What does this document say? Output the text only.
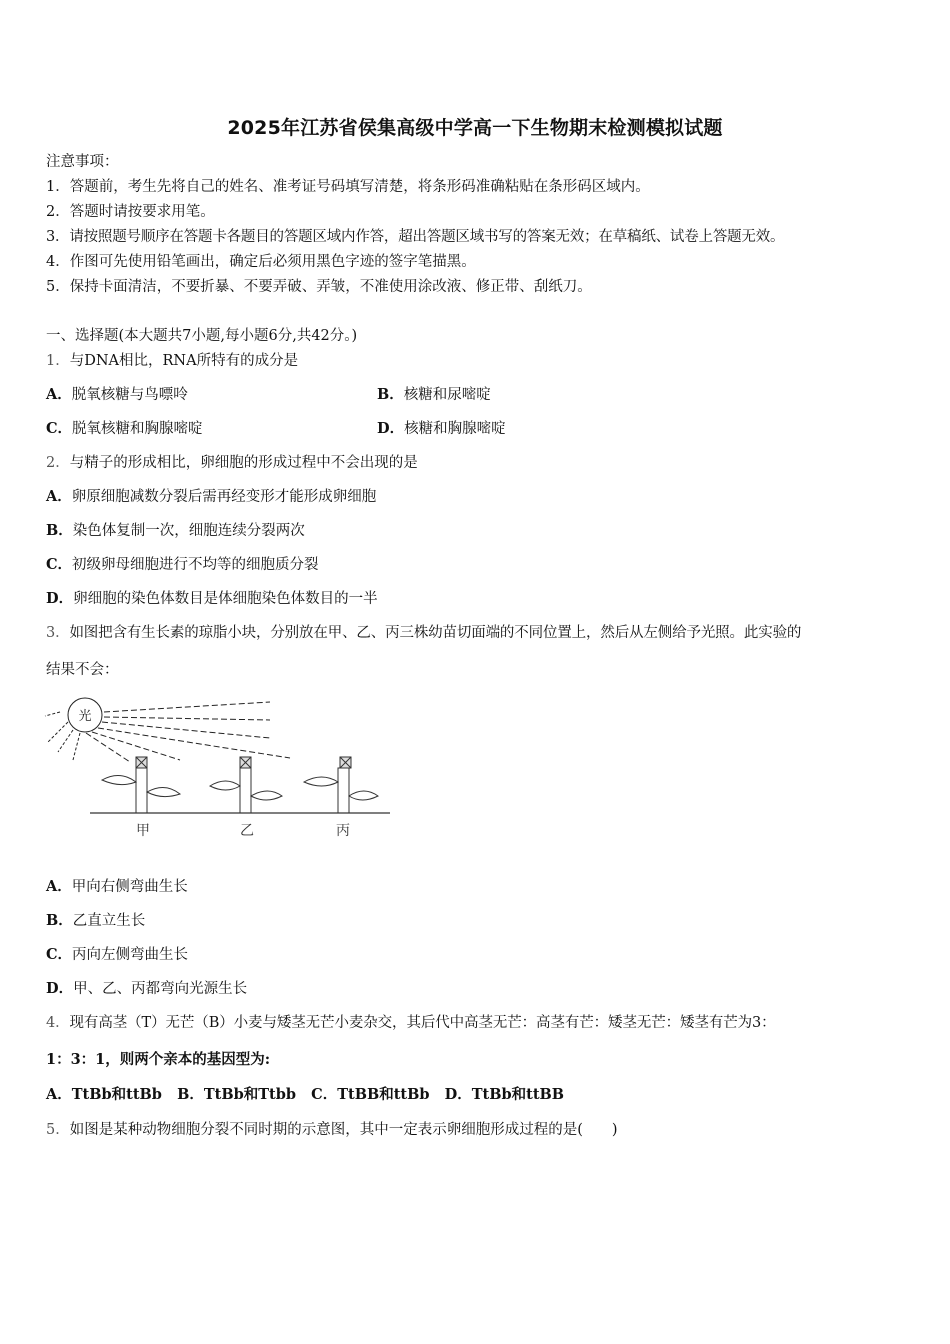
2025年江苏省侯集高级中学高一下生物期末检测模拟试题
注意事项：
1．答题前，考生先将自己的姓名、准考证号码填写清楚，将条形码准确粘贴在条形码区域内。
2．答题时请按要求用笔。
3．请按照题号顺序在答题卡各题目的答题区域内作答，超出答题区域书写的答案无效；在草稿纸、试卷上答题无效。
4．作图可先使用铅笔画出，确定后必须用黑色字迹的签字笔描黑。
5．保持卡面清洁，不要折暴、不要弄破、弄皱，不准使用涂改液、修正带、刮纸刀。
一、选择题(本大题共7小题,每小题6分,共42分。)
1．与DNA相比，RNA所特有的成分是
A．脱氧核糖与鸟嘌呤	B．核糖和尿嘧啶
C．脱氧核糖和胸腺嘧啶	D．核糖和胸腺嘧啶
2．与精子的形成相比，卵细胞的形成过程中不会出现的是
A．卵原细胞减数分裂后需再经变形才能形成卵细胞
B．染色体复制一次，细胞连续分裂两次
C．初级卵母细胞进行不均等的细胞质分裂
D．卵细胞的染色体数目是体细胞染色体数目的一半
3．如图把含有生长素的琼脂小块，分别放在甲、乙、丙三株幼苗切面端的不同位置上，然后从左侧给予光照。此实验的
结果不会：
光
甲	乙	丙
A．甲向右侧弯曲生长
B．乙直立生长
C．丙向左侧弯曲生长
D．甲、乙、丙都弯向光源生长
4．现有高茎（T）无芒（B）小麦与矮茎无芒小麦杂交，其后代中高茎无芒：高茎有芒：矮茎无芒：矮茎有芒为3：
1：3：1，则两个亲本的基因型为:
A．TtBb和ttBb B．TtBb和Ttbb C．TtBB和ttBb D．TtBb和ttBB
5．如图是某种动物细胞分裂不同时期的示意图，其中一定表示卵细胞形成过程的是(　　)
